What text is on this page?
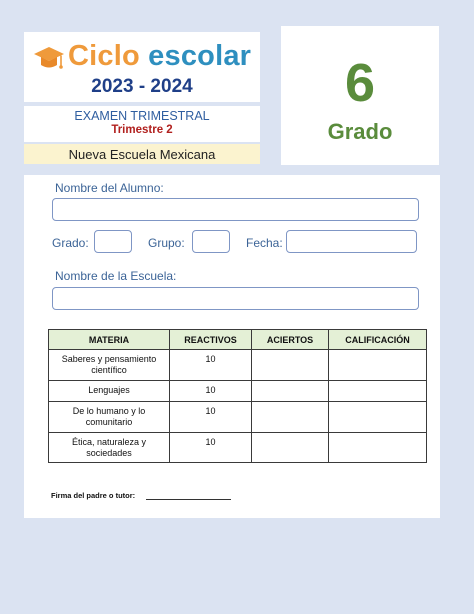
Ciclo escolar
2023 - 2024
EXAMEN TRIMESTRAL
Trimestre 2
Nueva Escuela Mexicana
6
Grado
Nombre del Alumno:
Grado:	Grupo:	Fecha:
Nombre de la Escuela:
MATERIA	REACTIVOS	ACIERTOS	CALIFICACIÓN
Saberes y pensamiento científico	10		
Lenguajes	10		
De lo humano y lo comunitario	10		
Ética, naturaleza y sociedades	10		
Firma del padre o tutor:
